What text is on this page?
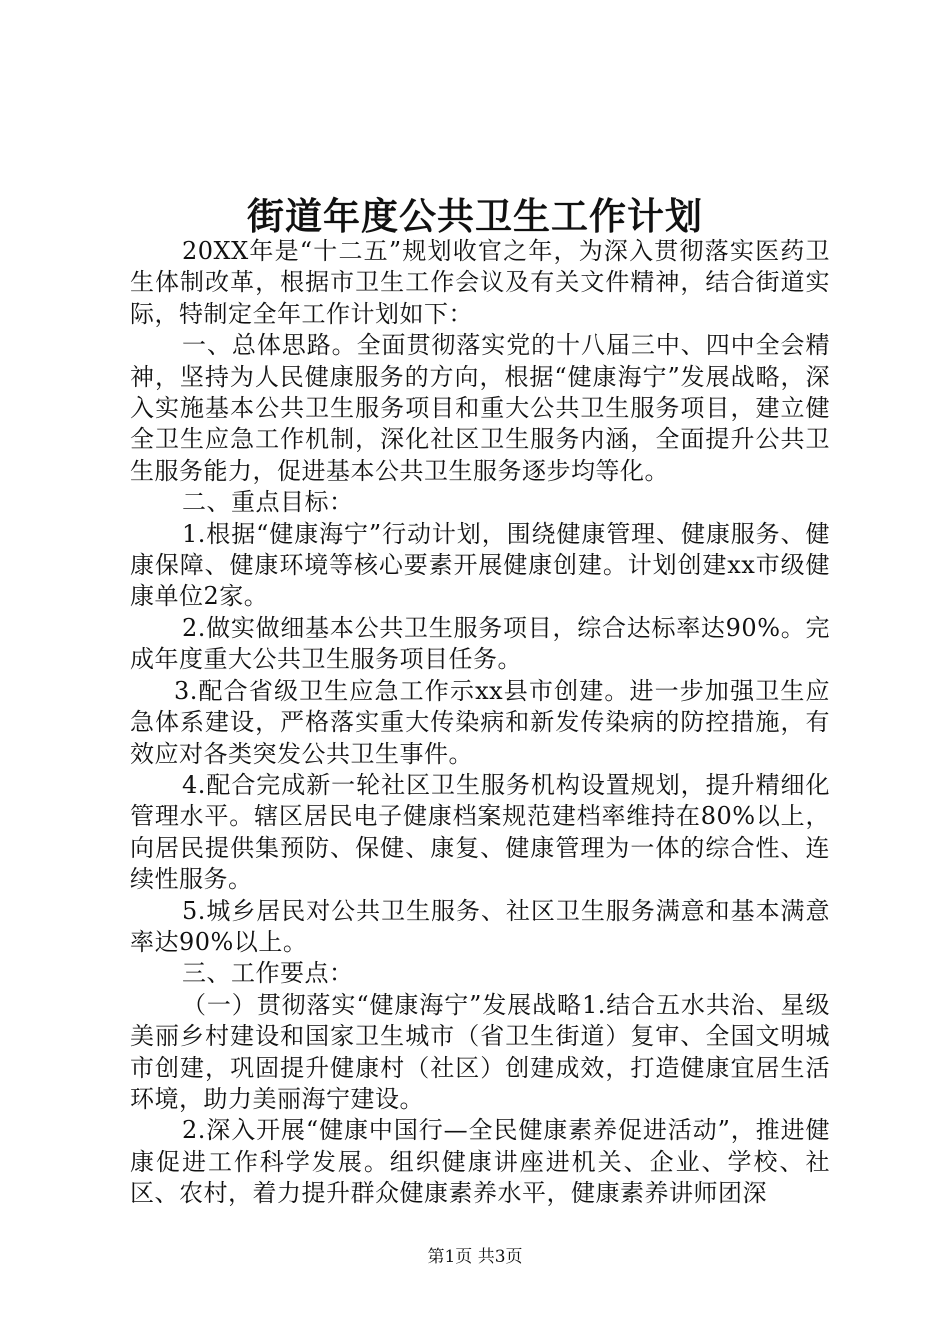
街道年度公共卫生工作计划

20XX年是“十二五”规划收官之年，为深入贯彻落实医药卫生体制改革，根据市卫生工作会议及有关文件精神，结合街道实际，特制定全年工作计划如下：

一、总体思路。全面贯彻落实党的十八届三中、四中全会精神，坚持为人民健康服务的方向，根据“健康海宁”发展战略，深入实施基本公共卫生服务项目和重大公共卫生服务项目，建立健全卫生应急工作机制，深化社区卫生服务内涵，全面提升公共卫生服务能力，促进基本公共卫生服务逐步均等化。

二、重点目标：

1.根据“健康海宁”行动计划，围绕健康管理、健康服务、健康保障、健康环境等核心要素开展健康创建。计划创建xx市级健康单位2家。

2.做实做细基本公共卫生服务项目，综合达标率达90%。完成年度重大公共卫生服务项目任务。

3.配合省级卫生应急工作示xx县市创建。进一步加强卫生应急体系建设，严格落实重大传染病和新发传染病的防控措施，有效应对各类突发公共卫生事件。

4.配合完成新一轮社区卫生服务机构设置规划，提升精细化管理水平。辖区居民电子健康档案规范建档率维持在80%以上，向居民提供集预防、保健、康复、健康管理为一体的综合性、连续性服务。

5.城乡居民对公共卫生服务、社区卫生服务满意和基本满意率达90%以上。

三、工作要点：

（一）贯彻落实“健康海宁”发展战略1.结合五水共治、星级美丽乡村建设和国家卫生城市（省卫生街道）复审、全国文明城市创建，巩固提升健康村（社区）创建成效，打造健康宜居生活环境，助力美丽海宁建设。

2.深入开展“健康中国行—全民健康素养促进活动”，推进健康促进工作科学发展。组织健康讲座进机关、企业、学校、社区、农村，着力提升群众健康素养水平，健康素养讲师团深

第1页 共3页
